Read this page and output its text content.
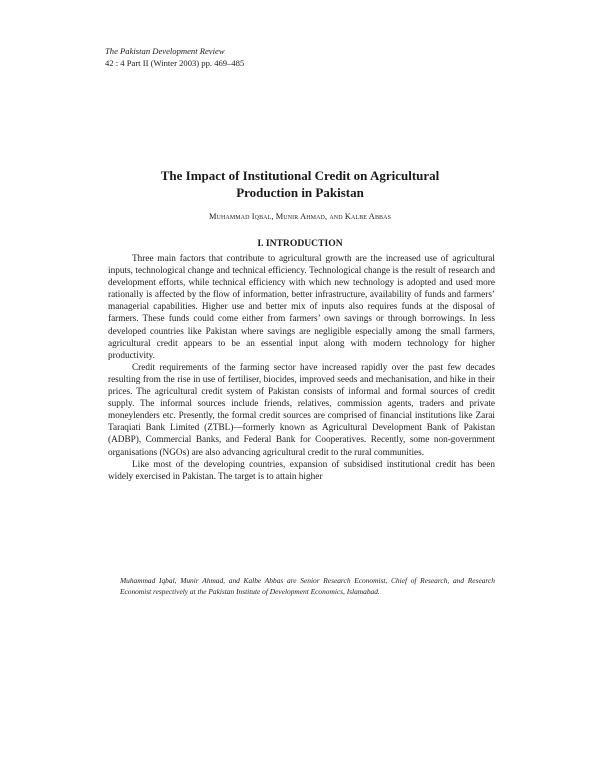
The Pakistan Development Review
42 : 4 Part II (Winter 2003) pp. 469–485
The Impact of Institutional Credit on Agricultural
Production in Pakistan
Muhammad Iqbal, Munir Ahmad, and Kalbe Abbas
I. INTRODUCTION

Three main factors that contribute to agricultural growth are the increased use of agricultural inputs, technological change and technical efficiency. Technological change is the result of research and development efforts, while technical efficiency with which new technology is adopted and used more rationally is affected by the flow of information, better infrastructure, availability of funds and farmers’ managerial capabilities. Higher use and better mix of inputs also requires funds at the disposal of farmers. These funds could come either from farmers’ own savings or through borrowings. In less developed countries like Pakistan where savings are negligible especially among the small farmers, agricultural credit appears to be an essential input along with modern technology for higher productivity.

Credit requirements of the farming sector have increased rapidly over the past few decades resulting from the rise in use of fertiliser, biocides, improved seeds and mechanisation, and hike in their prices. The agricultural credit system of Pakistan consists of informal and formal sources of credit supply. The informal sources include friends, relatives, commission agents, traders and private moneylenders etc. Presently, the formal credit sources are comprised of financial institutions like Zarai Taraqiati Bank Limited (ZTBL)—formerly known as Agricultural Development Bank of Pakistan (ADBP), Commercial Banks, and Federal Bank for Cooperatives. Recently, some non-government organisations (NGOs) are also advancing agricultural credit to the rural communities.

Like most of the developing countries, expansion of subsidised institutional credit has been widely exercised in Pakistan. The target is to attain higher

Muhammad Iqbal, Munir Ahmad, and Kalbe Abbas are Senior Research Economist, Chief of Research, and Research Economist respectively at the Pakistan Institute of Development Economics, Islamabad.
